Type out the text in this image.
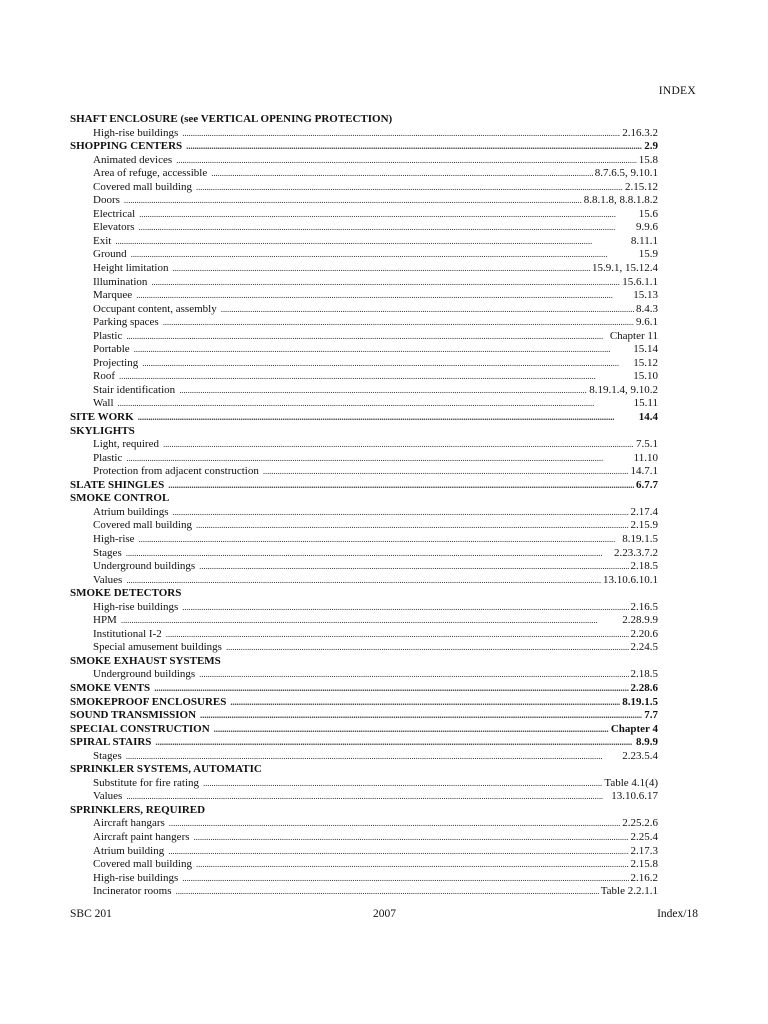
INDEX
SHAFT ENCLOSURE (see VERTICAL OPENING PROTECTION)
High-rise buildings . . .	2.16.3.2
SHOPPING CENTERS . . .	2.9
Animated devices . . .	15.8
Area of refuge, accessible . . .	8.7.6.5, 9.10.1
Covered mall building . . .	2.15.12
Doors . . .	8.8.1.8, 8.8.1.8.2
Electrical . . .	15.6
Elevators . . .	9.9.6
Exit . . .	8.11.1
Ground . . .	15.9
Height limitation . . .	15.9.1, 15.12.4
Illumination . . .	15.6.1.1
Marquee . . .	15.13
Occupant content, assembly . . .	8.4.3
Parking spaces . . .	9.6.1
Plastic . . .	Chapter 11
Portable . . .	15.14
Projecting . . .	15.12
Roof . . .	15.10
Stair identification . . .	8.19.1.4, 9.10.2
Wall . . .	15.11
SITE WORK . . .	14.4
SKYLIGHTS
Light, required . . .	7.5.1
Plastic . . .	11.10
Protection from adjacent construction . . .	14.7.1
SLATE SHINGLES . . .	6.7.7
SMOKE CONTROL
Atrium buildings . . .	2.17.4
Covered mall building . . .	2.15.9
High-rise . . .	8.19.1.5
Stages . . .	2.23.3.7.2
Underground buildings . . .	2.18.5
Values . . .	13.10.6.10.1
SMOKE DETECTORS
High-rise buildings . . .	2.16.5
HPM . . .	2.28.9.9
Institutional I-2 . . .	2.20.6
Special amusement buildings . . .	2.24.5
SMOKE EXHAUST SYSTEMS
Underground buildings . . .	2.18.5
SMOKE VENTS . . .	2.28.6
SMOKEPROOF ENCLOSURES . . .	8.19.1.5
SOUND TRANSMISSION . . .	7.7
SPECIAL CONSTRUCTION . . .	Chapter 4
SPIRAL STAIRS . . .	8.9.9
Stages . . .	2.23.5.4
SPRINKLER SYSTEMS, AUTOMATIC
Substitute for fire rating . . .	Table 4.1(4)
Values . . .	13.10.6.17
SPRINKLERS, REQUIRED
Aircraft hangars . . .	2.25.2.6
Aircraft paint hangers . . .	2.25.4
Atrium building . . .	2.17.3
Covered mall building . . .	2.15.8
High-rise buildings . . .	2.16.2
Incinerator rooms . . .	Table 2.2.1.1
SBC 201	2007	Index/18
